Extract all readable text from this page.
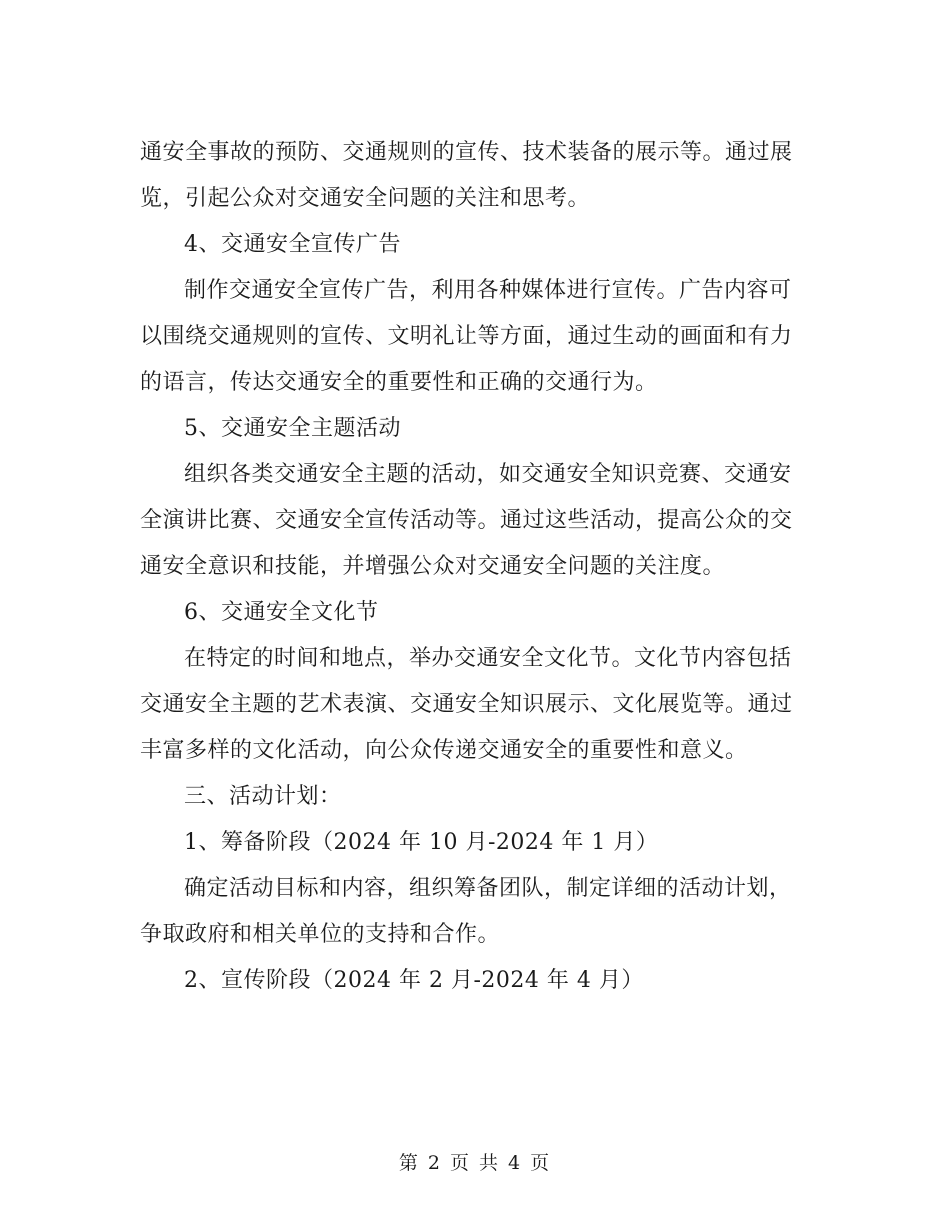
通安全事故的预防、交通规则的宣传、技术装备的展示等。通过展览，引起公众对交通安全问题的关注和思考。

4、交通安全宣传广告

制作交通安全宣传广告，利用各种媒体进行宣传。广告内容可以围绕交通规则的宣传、文明礼让等方面，通过生动的画面和有力的语言，传达交通安全的重要性和正确的交通行为。

5、交通安全主题活动

组织各类交通安全主题的活动，如交通安全知识竞赛、交通安全演讲比赛、交通安全宣传活动等。通过这些活动，提高公众的交通安全意识和技能，并增强公众对交通安全问题的关注度。

6、交通安全文化节

在特定的时间和地点，举办交通安全文化节。文化节内容包括交通安全主题的艺术表演、交通安全知识展示、文化展览等。通过丰富多样的文化活动，向公众传递交通安全的重要性和意义。

三、活动计划：

1、筹备阶段（2024 年 10 月-2024 年 1 月）

确定活动目标和内容，组织筹备团队，制定详细的活动计划，争取政府和相关单位的支持和合作。

2、宣传阶段（2024 年 2 月-2024 年 4 月）

第 2 页 共 4 页
